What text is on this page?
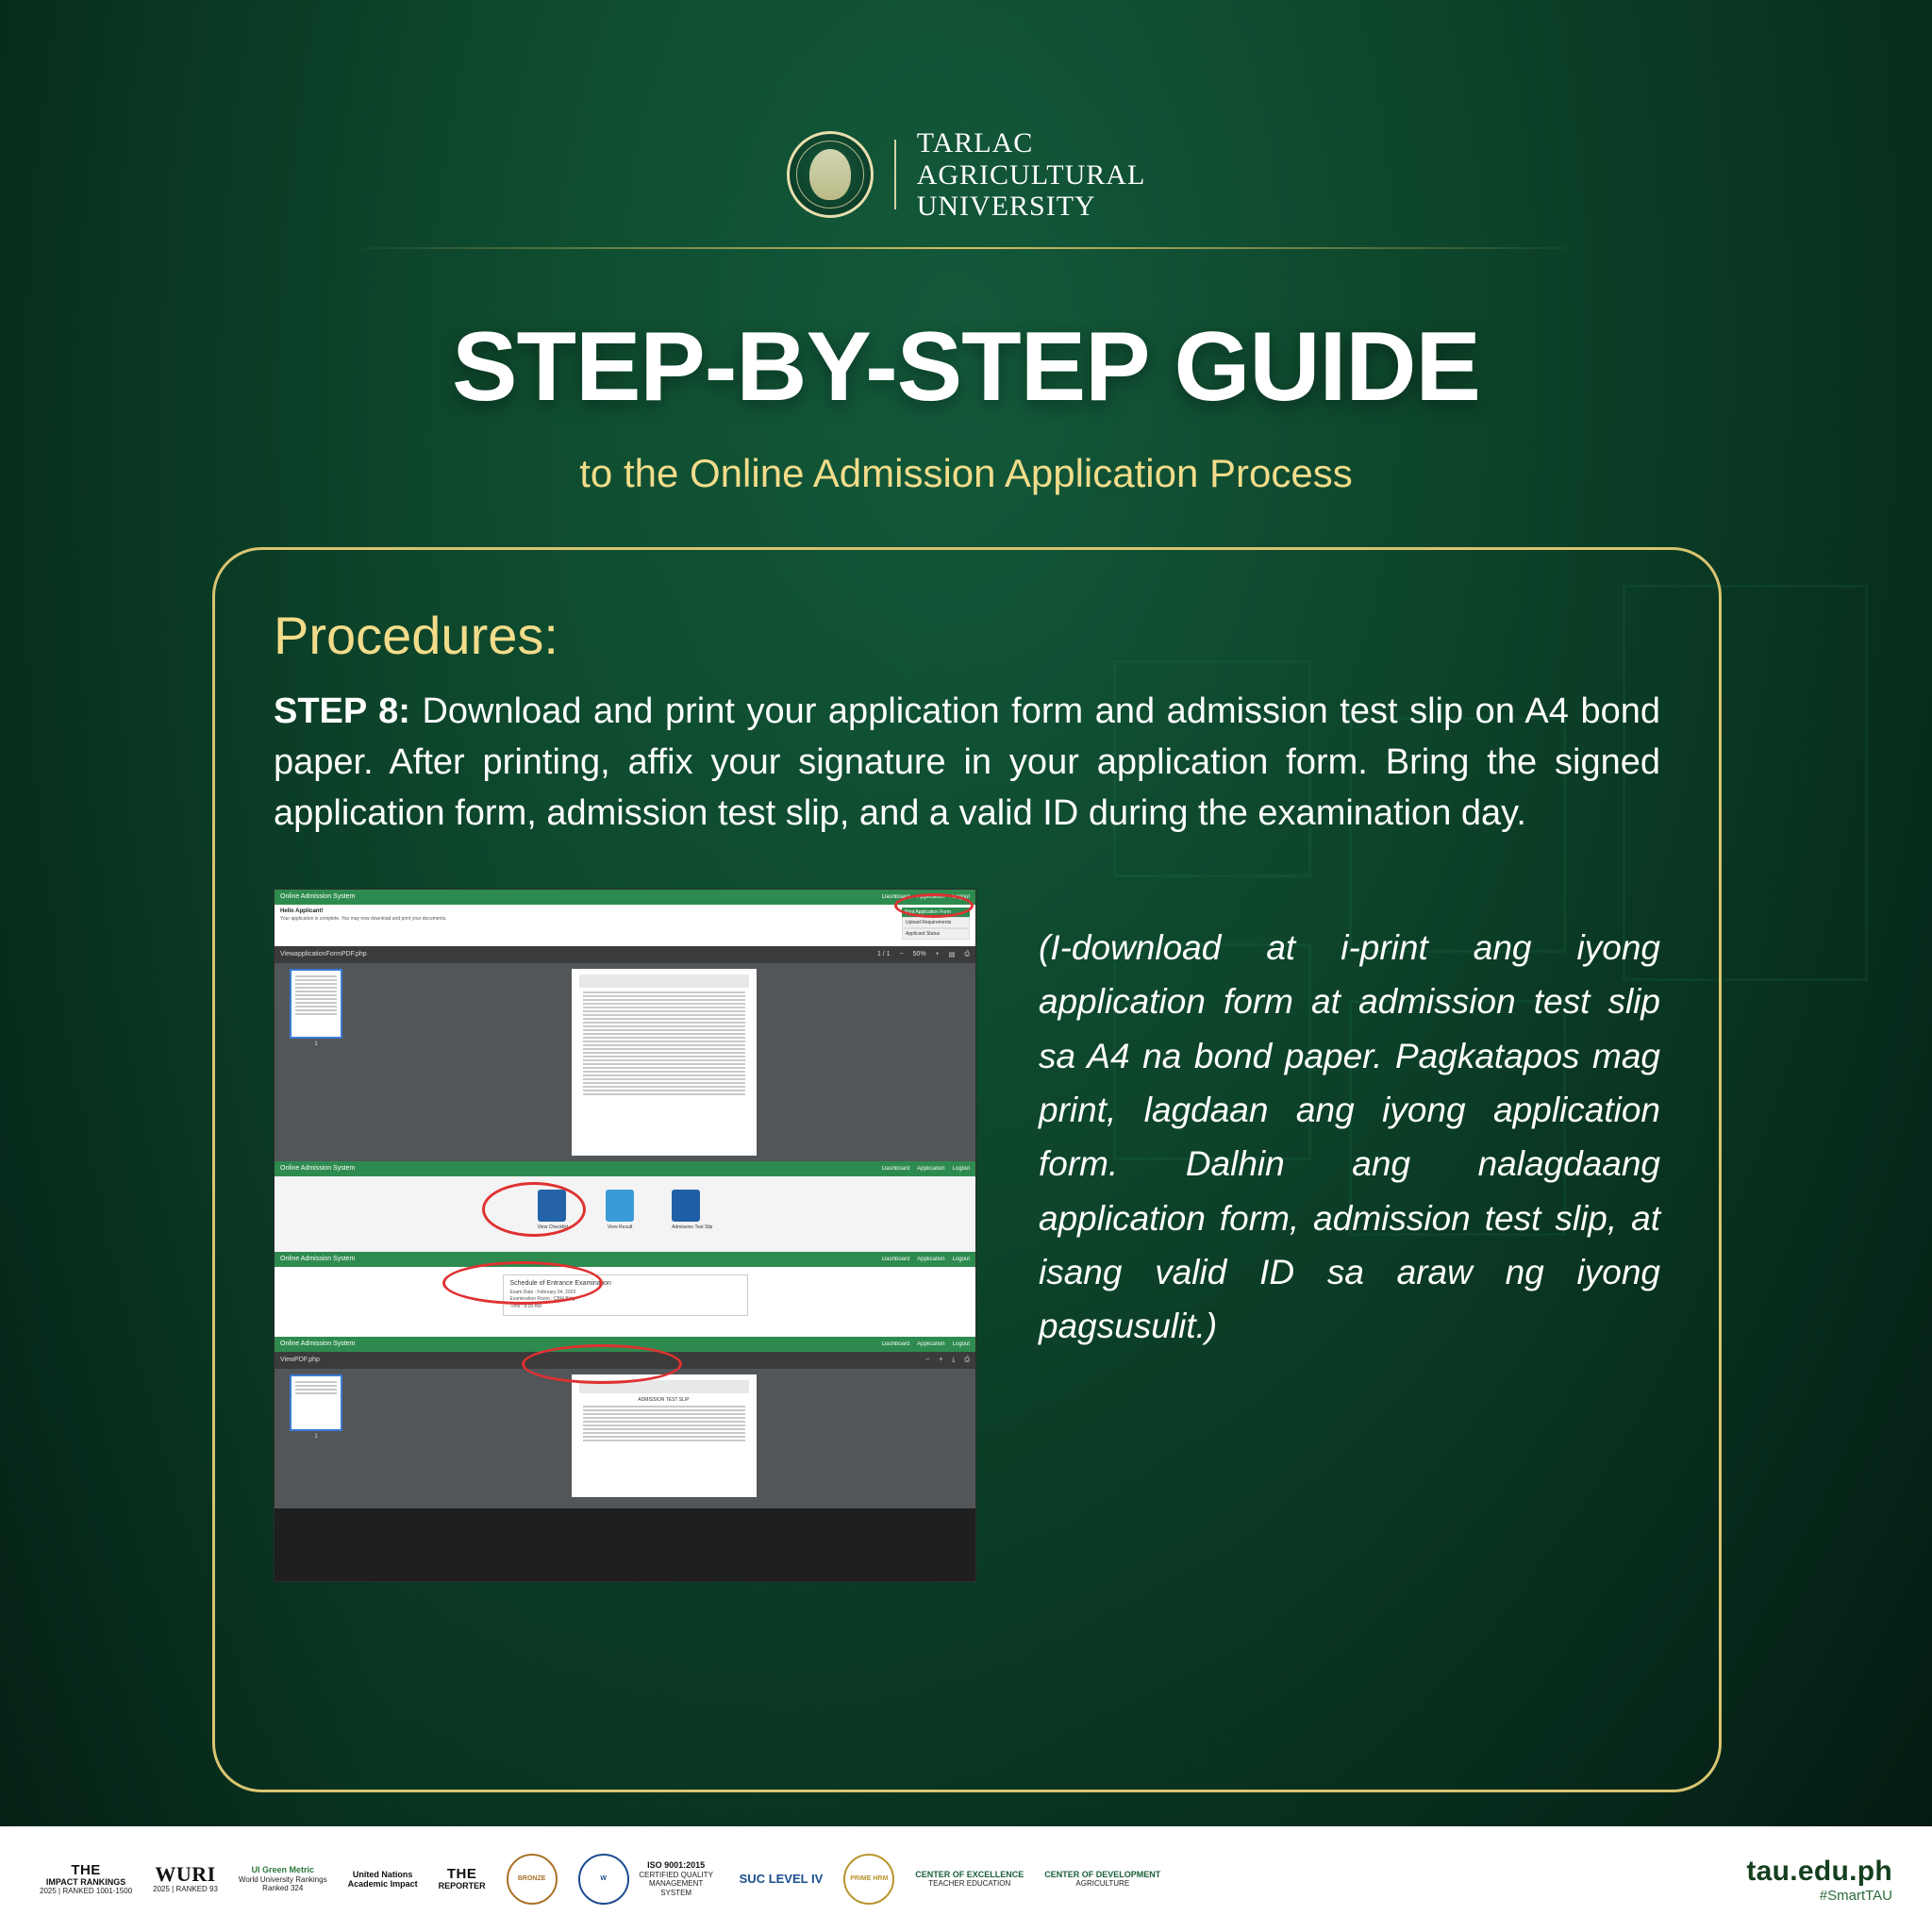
TARLAC
AGRICULTURAL
UNIVERSITY
STEP-BY-STEP GUIDE
to the Online Admission Application Process
Procedures:
STEP 8: Download and print your application form and admission test slip on A4 bond paper. After printing, affix your signature in your application form. Bring the signed application form, admission test slip, and a valid ID during the examination day.
Online Admission System	Dashboard Application Logout
Hello Applicant!
Your application is complete. You may now download and print your documents.
Print Application Form
Upload Requirements
Applicant Status
ViewapplicationFormPDF.php	1 / 1 − 50% + ▤ ⎙
1
Online Admission System	Dashboard Application Logout
View Checklist	View Result	Admission Test Slip
Online Admission System	Dashboard Application Logout
Schedule of Entrance Examination
Exam Date : February 04, 2023
Examination Room : CBM Bldg.
Time : 8:00 AM
Online Admission System	Dashboard Application Logout
ViewPDF.php	− + ⤓ ⎙
1
ADMISSION TEST SLIP
(I-download at i-print ang iyong application form at admission test slip sa A4 na bond paper. Pagkatapos mag print, lagdaan ang iyong application form. Dalhin ang nalagdaang application form, admission test slip, at isang valid ID sa araw ng iyong pagsusulit.)
THE
IMPACT RANKINGS
2025 | RANKED 1001-1500
WURI
2025 | RANKED 93
UI Green Metric
World University Rankings
Ranked 324
United Nations
Academic Impact
THE
REPORTER
BRONZE	W
ISO 9001:2015
CERTIFIED QUALITY MANAGEMENT SYSTEM
SUC LEVEL IV	PRIME HRM	CENTER OF EXCELLENCE
TEACHER EDUCATION
CENTER OF DEVELOPMENT
AGRICULTURE	tau.edu.ph
#SmartTAU
